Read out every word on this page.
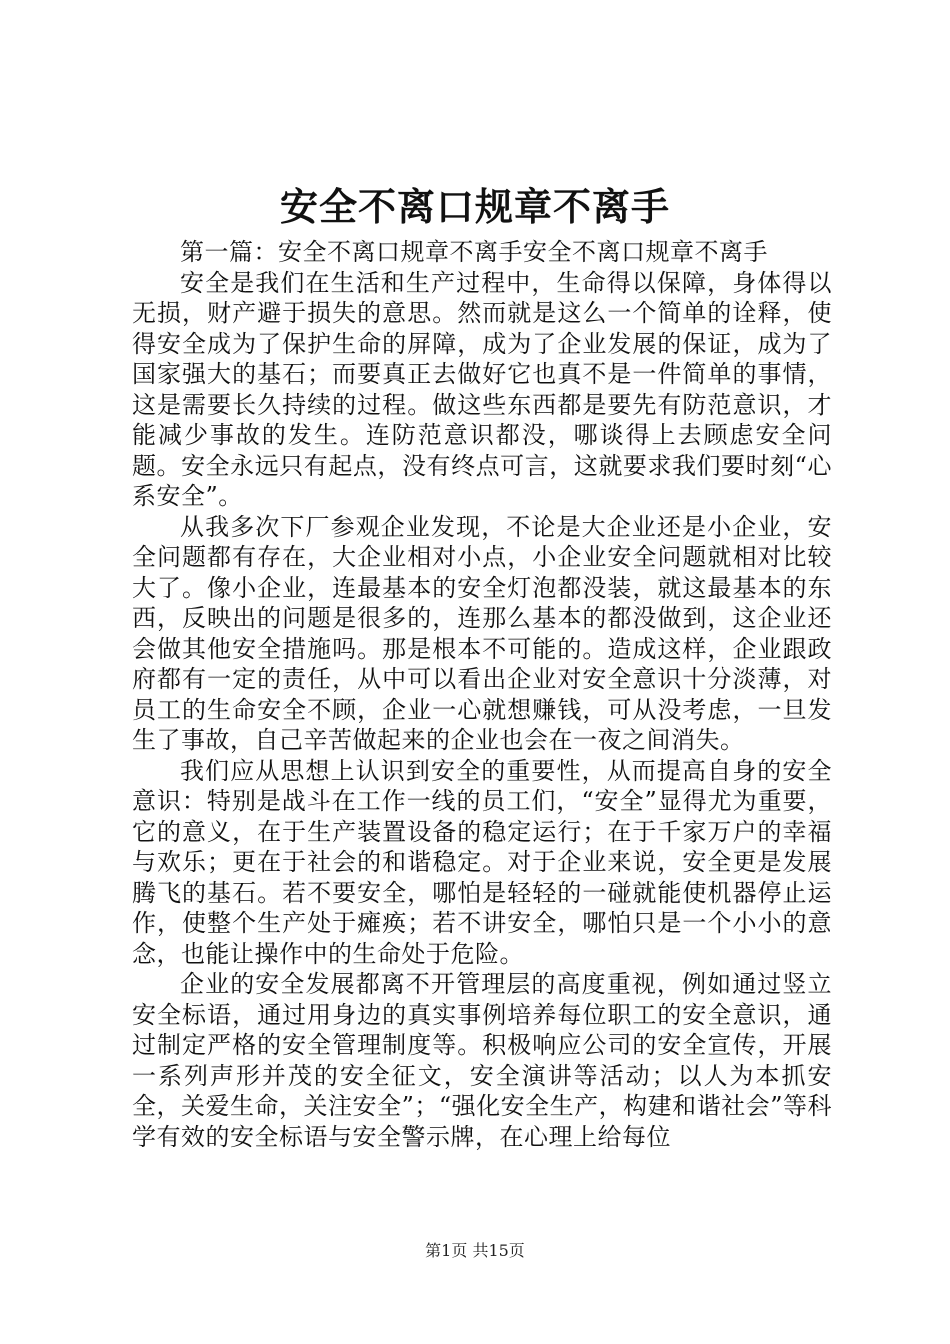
安全不离口规章不离手

第一篇：安全不离口规章不离手安全不离口规章不离手

安全是我们在生活和生产过程中，生命得以保障，身体得以无损，财产避于损失的意思。然而就是这么一个简单的诠释，使得安全成为了保护生命的屏障，成为了企业发展的保证，成为了国家强大的基石；而要真正去做好它也真不是一件简单的事情，这是需要长久持续的过程。做这些东西都是要先有防范意识，才能减少事故的发生。连防范意识都没，哪谈得上去顾虑安全问题。安全永远只有起点，没有终点可言，这就要求我们要时刻“心系安全”。

从我多次下厂参观企业发现，不论是大企业还是小企业，安全问题都有存在，大企业相对小点，小企业安全问题就相对比较大了。像小企业，连最基本的安全灯泡都没装，就这最基本的东西，反映出的问题是很多的，连那么基本的都没做到，这企业还会做其他安全措施吗。那是根本不可能的。造成这样，企业跟政府都有一定的责任，从中可以看出企业对安全意识十分淡薄，对员工的生命安全不顾，企业一心就想赚钱，可从没考虑，一旦发生了事故，自己辛苦做起来的企业也会在一夜之间消失。

我们应从思想上认识到安全的重要性，从而提高自身的安全意识：特别是战斗在工作一线的员工们，“安全”显得尤为重要，它的意义，在于生产装置设备的稳定运行；在于千家万户的幸福与欢乐；更在于社会的和谐稳定。对于企业来说，安全更是发展腾飞的基石。若不要安全，哪怕是轻轻的一碰就能使机器停止运作，使整个生产处于瘫痪；若不讲安全，哪怕只是一个小小的意念，也能让操作中的生命处于危险。

企业的安全发展都离不开管理层的高度重视，例如通过竖立安全标语，通过用身边的真实事例培养每位职工的安全意识，通过制定严格的安全管理制度等。积极响应公司的安全宣传，开展一系列声形并茂的安全征文，安全演讲等活动；以人为本抓安全，关爱生命，关注安全”；“强化安全生产，构建和谐社会”等科学有效的安全标语与安全警示牌，在心理上给每位

第1页 共15页
